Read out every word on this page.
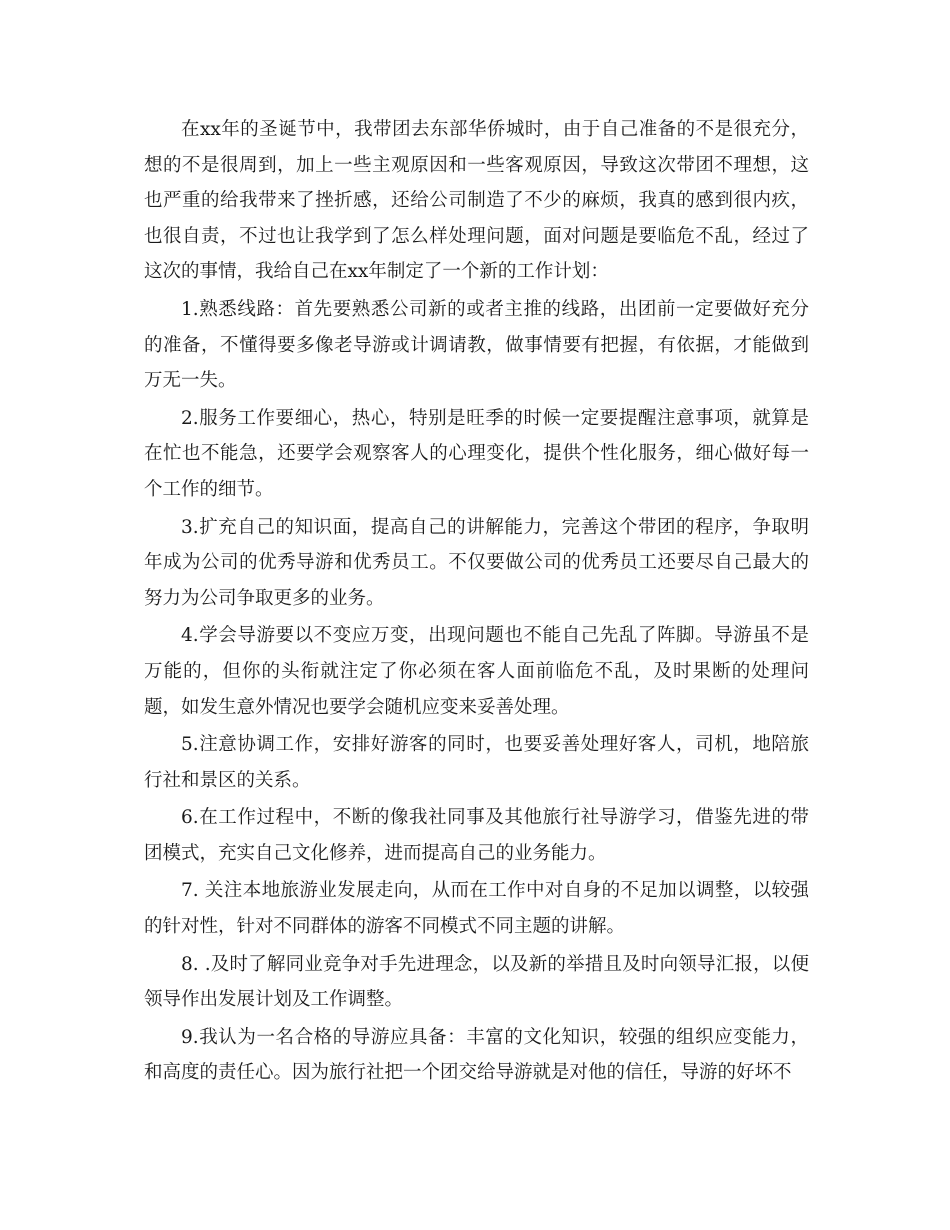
在xx年的圣诞节中，我带团去东部华侨城时，由于自己准备的不是很充分，想的不是很周到，加上一些主观原因和一些客观原因，导致这次带团不理想，这也严重的给我带来了挫折感，还给公司制造了不少的麻烦，我真的感到很内疚，也很自责，不过也让我学到了怎么样处理问题，面对问题是要临危不乱，经过了这次的事情，我给自己在xx年制定了一个新的工作计划：

1.熟悉线路：首先要熟悉公司新的或者主推的线路，出团前一定要做好充分的准备，不懂得要多像老导游或计调请教，做事情要有把握，有依据，才能做到万无一失。

2.服务工作要细心，热心，特别是旺季的时候一定要提醒注意事项，就算是在忙也不能急，还要学会观察客人的心理变化，提供个性化服务，细心做好每一个工作的细节。

3.扩充自己的知识面，提高自己的讲解能力，完善这个带团的程序，争取明年成为公司的优秀导游和优秀员工。不仅要做公司的优秀员工还要尽自己最大的努力为公司争取更多的业务。

4.学会导游要以不变应万变，出现问题也不能自己先乱了阵脚。导游虽不是万能的，但你的头衔就注定了你必须在客人面前临危不乱，及时果断的处理问题，如发生意外情况也要学会随机应变来妥善处理。

5.注意协调工作，安排好游客的同时，也要妥善处理好客人，司机，地陪旅行社和景区的关系。

6.在工作过程中，不断的像我社同事及其他旅行社导游学习，借鉴先进的带团模式，充实自己文化修养，进而提高自己的业务能力。

7. 关注本地旅游业发展走向，从而在工作中对自身的不足加以调整，以较强的针对性，针对不同群体的游客不同模式不同主题的讲解。

8. .及时了解同业竞争对手先进理念，以及新的举措且及时向领导汇报，以便领导作出发展计划及工作调整。

9.我认为一名合格的导游应具备：丰富的文化知识，较强的组织应变能力，和高度的责任心。因为旅行社把一个团交给导游就是对他的信任，导游的好坏不
